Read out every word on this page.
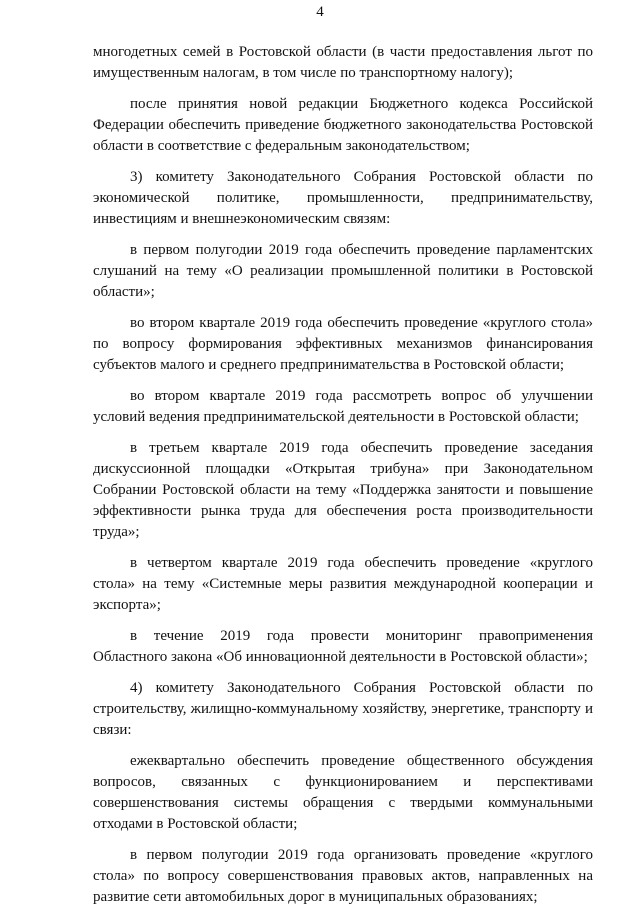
4

многодетных семей в Ростовской области (в части предоставления льгот по имущественным налогам, в том числе по транспортному налогу);

после принятия новой редакции Бюджетного кодекса Российской Федерации обеспечить приведение бюджетного законодательства Ростовской области в соответствие с федеральным законодательством;

3) комитету Законодательного Собрания Ростовской области по экономической политике, промышленности, предпринимательству, инвестициям и внешнеэкономическим связям:

в первом полугодии 2019 года обеспечить проведение парламентских слушаний на тему «О реализации промышленной политики в Ростовской области»;

во втором квартале 2019 года обеспечить проведение «круглого стола» по вопросу формирования эффективных механизмов финансирования субъектов малого и среднего предпринимательства в Ростовской области;

во втором квартале 2019 года рассмотреть вопрос об улучшении условий ведения предпринимательской деятельности в Ростовской области;

в третьем квартале 2019 года обеспечить проведение заседания дискуссионной площадки «Открытая трибуна» при Законодательном Собрании Ростовской области на тему «Поддержка занятости и повышение эффективности рынка труда для обеспечения роста производительности труда»;

в четвертом квартале 2019 года обеспечить проведение «круглого стола» на тему «Системные меры развития международной кооперации и экспорта»;

в течение 2019 года провести мониторинг правоприменения Областного закона «Об инновационной деятельности в Ростовской области»;

4) комитету Законодательного Собрания Ростовской области по строительству, жилищно-коммунальному хозяйству, энергетике, транспорту и связи:

ежеквартально обеспечить проведение общественного обсуждения вопросов, связанных с функционированием и перспективами совершенствования системы обращения с твердыми коммунальными отходами в Ростовской области;

в первом полугодии 2019 года организовать проведение «круглого стола» по вопросу совершенствования правовых актов, направленных на развитие сети автомобильных дорог в муниципальных образованиях;
